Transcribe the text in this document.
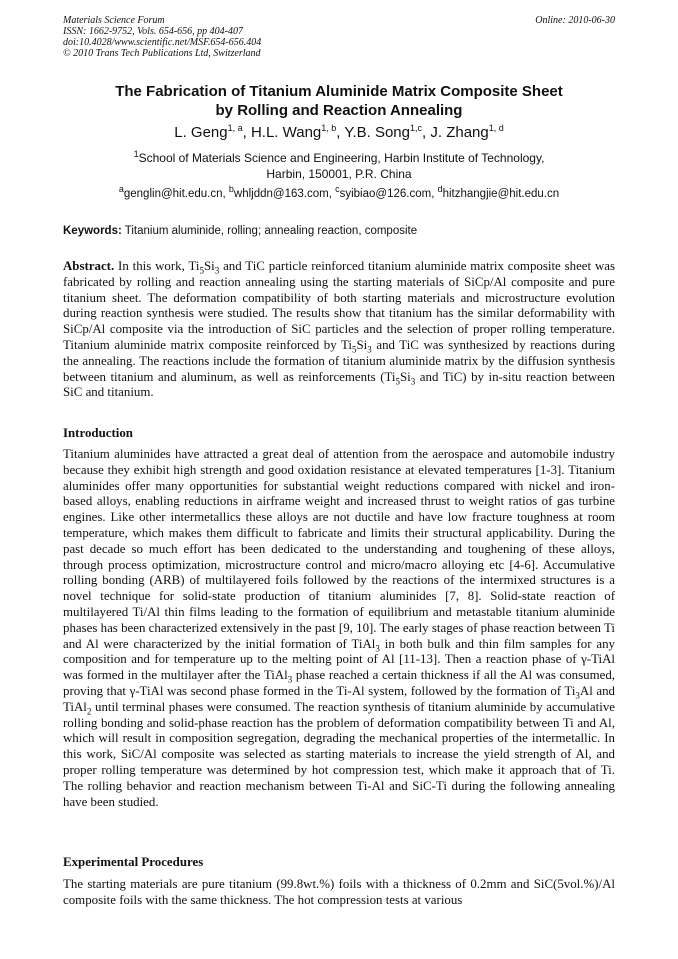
Materials Science Forum
ISSN: 1662-9752, Vols. 654-656, pp 404-407
doi:10.4028/www.scientific.net/MSF.654-656.404
© 2010 Trans Tech Publications Ltd, Switzerland
Online: 2010-06-30
The Fabrication of Titanium Aluminide Matrix Composite Sheet
by Rolling and Reaction Annealing
L. Geng$^{1, a}$, H.L. Wang$^{1, b}$, Y.B. Song$^{1,c}$, J. Zhang$^{1, d}$
$^1$School of Materials Science and Engineering, Harbin Institute of Technology,
Harbin, 150001, P.R. China
$^a$genglin@hit.edu.cn, $^b$whljddn@163.com, $^c$syibiao@126.com, $^d$hitzhangjie@hit.edu.cn
Keywords: Titanium aluminide, rolling; annealing reaction, composite
Abstract. In this work, $Ti_5Si_3$ and TiC particle reinforced titanium aluminide matrix composite sheet was fabricated by rolling and reaction annealing using the starting materials of SiCp/Al composite and pure titanium sheet. The deformation compatibility of both starting materials and microstructure evolution during reaction synthesis were studied. The results show that titanium has the similar deformability with SiCp/Al composite via the introduction of SiC particles and the selection of proper rolling temperature. Titanium aluminide matrix composite reinforced by $Ti_5Si_3$ and TiC was synthesized by reactions during the annealing. The reactions include the formation of titanium aluminide matrix by the diffusion synthesis between titanium and aluminum, as well as reinforcements ($Ti_5Si_3$ and TiC) by in-situ reaction between SiC and titanium.
Introduction
Titanium aluminides have attracted a great deal of attention from the aerospace and automobile industry because they exhibit high strength and good oxidation resistance at elevated temperatures [1-3]. Titanium aluminides offer many opportunities for substantial weight reductions compared with nickel and iron-based alloys, enabling reductions in airframe weight and increased thrust to weight ratios of gas turbine engines. Like other intermetallics these alloys are not ductile and have low fracture toughness at room temperature, which makes them difficult to fabricate and limits their structural applicability. During the past decade so much effort has been dedicated to the understanding and toughening of these alloys, through process optimization, microstructure control and micro/macro alloying etc [4-6]. Accumulative rolling bonding (ARB) of multilayered foils followed by the reactions of the intermixed structures is a novel technique for solid-state production of titanium aluminides [7, 8]. Solid-state reaction of multilayered Ti/Al thin films leading to the formation of equilibrium and metastable titanium aluminide phases has been characterized extensively in the past [9, 10]. The early stages of phase reaction between Ti and Al were characterized by the initial formation of TiAl$_3$ in both bulk and thin film samples for any composition and for temperature up to the melting point of Al [11-13]. Then a reaction phase of γ-TiAl was formed in the multilayer after the TiAl$_3$ phase reached a certain thickness if all the Al was consumed, proving that γ-TiAl was second phase formed in the Ti-Al system, followed by the formation of $Ti_3Al$ and TiAl$_2$ until terminal phases were consumed. The reaction synthesis of titanium aluminide by accumulative rolling bonding and solid-phase reaction has the problem of deformation compatibility between Ti and Al, which will result in composition segregation, degrading the mechanical properties of the intermetallic. In this work, SiC/Al composite was selected as starting materials to increase the yield strength of Al, and proper rolling temperature was determined by hot compression test, which make it approach that of Ti. The rolling behavior and reaction mechanism between Ti-Al and SiC-Ti during the following annealing have been studied.
Experimental Procedures
The starting materials are pure titanium (99.8wt.%) foils with a thickness of 0.2mm and SiC(5vol.%)/Al composite foils with the same thickness. The hot compression tests at various
